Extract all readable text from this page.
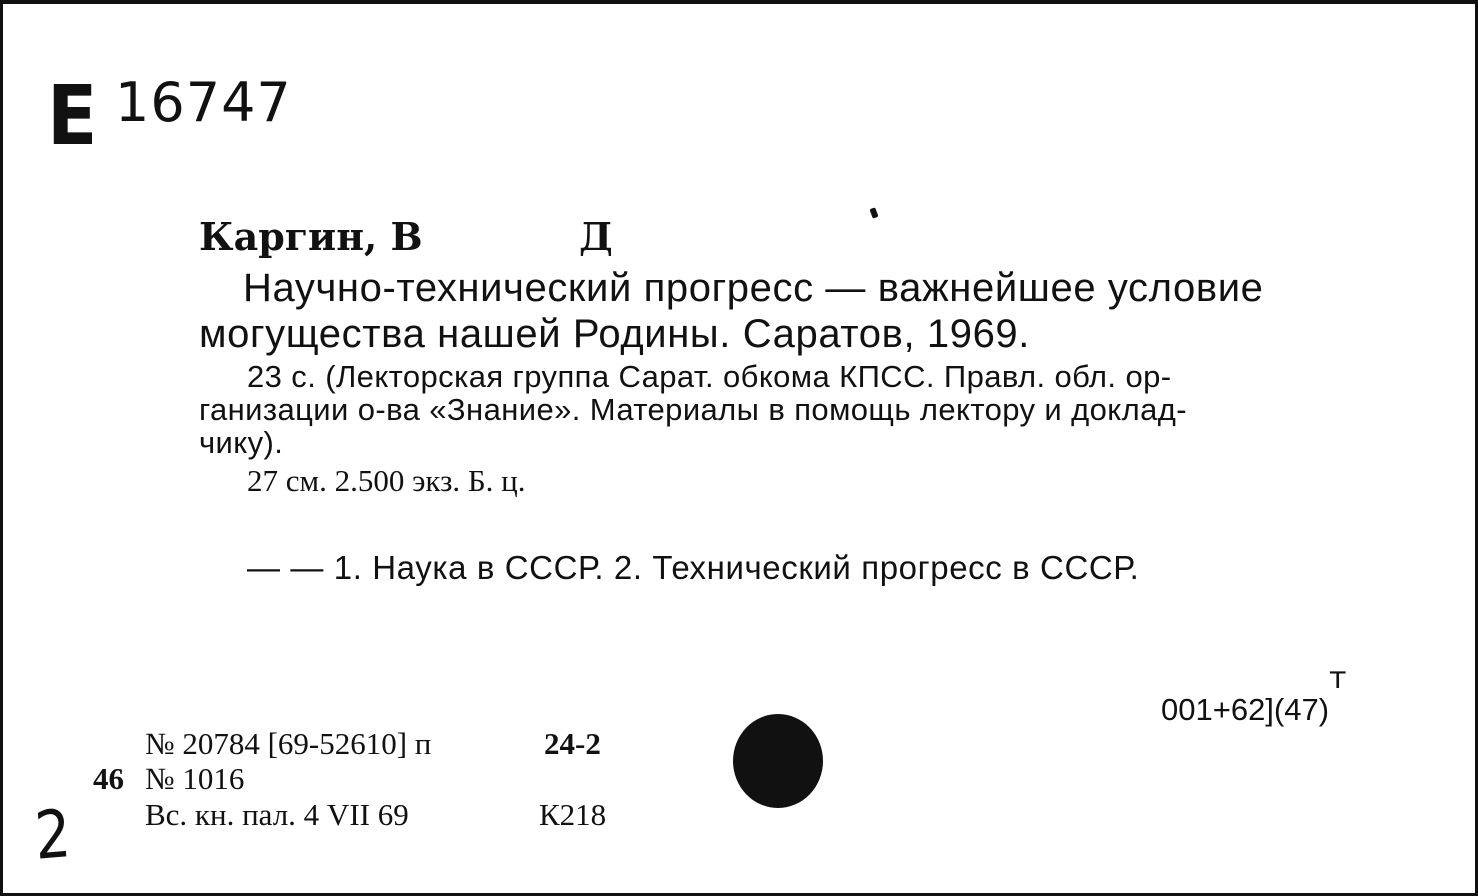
E 16747
Каргин, В	Д
Научно-технический прогресс — важнейшее условие
могущества нашей Родины. Саратов, 1969.
23 с. (Лекторская группа Сарат. обкома КПСС. Правл. обл. ор-
ганизации о-ва «Знание». Материалы в помощь лектору и доклад-
чику).
27 см. 2.500 экз. Б. ц.
— — 1. Наука в СССР. 2. Технический прогресс в СССР.
т
001+62](47)
№ 20784 [69-52610] п	24-2
46 № 1016
Вс. кн. пал. 4 VII 69	К218
2
